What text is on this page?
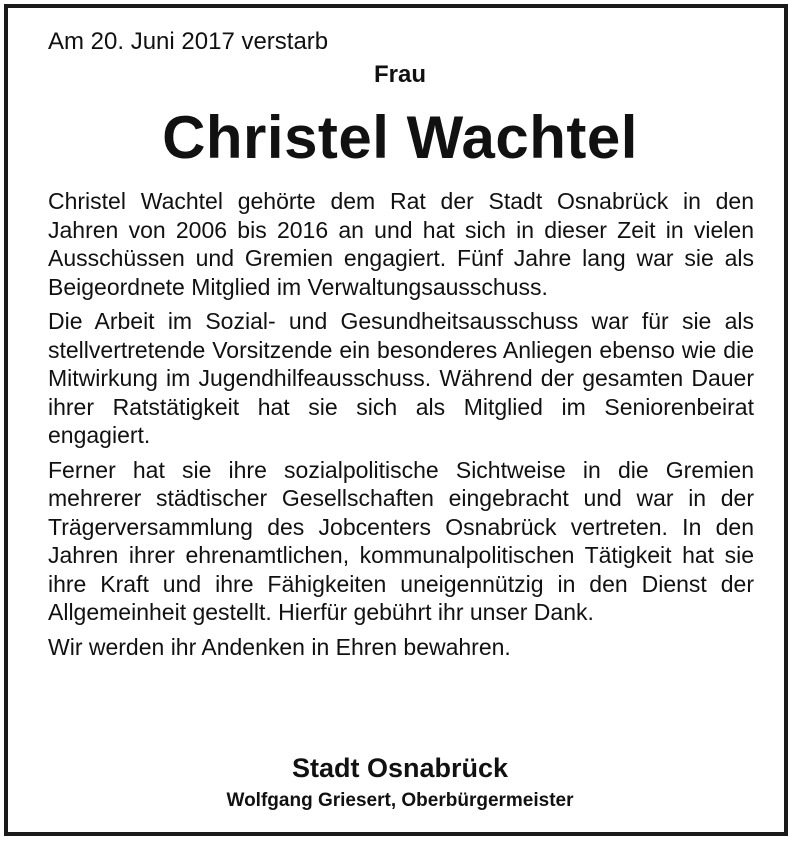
Am 20. Juni 2017 verstarb
Frau
Christel Wachtel

Christel Wachtel gehörte dem Rat der Stadt Osnabrück in den Jahren von 2006 bis 2016 an und hat sich in dieser Zeit in vielen Ausschüssen und Gremien engagiert. Fünf Jahre lang war sie als Beigeordnete Mitglied im Verwaltungsausschuss.

Die Arbeit im Sozial- und Gesundheitsausschuss war für sie als stellvertretende Vorsitzende ein besonderes Anliegen ebenso wie die Mitwirkung im Jugendhilfeausschuss. Während der gesamten Dauer ihrer Ratstätigkeit hat sie sich als Mitglied im Seniorenbeirat engagiert.

Ferner hat sie ihre sozialpolitische Sichtweise in die Gremien mehrerer städtischer Gesellschaften eingebracht und war in der Trägerversammlung des Jobcenters Osnabrück vertreten. In den Jahren ihrer ehrenamtlichen, kommunalpolitischen Tätigkeit hat sie ihre Kraft und ihre Fähigkeiten uneigennützig in den Dienst der Allgemeinheit gestellt. Hierfür gebührt ihr unser Dank.

Wir werden ihr Andenken in Ehren bewahren.

Stadt Osnabrück
Wolfgang Griesert, Oberbürgermeister
